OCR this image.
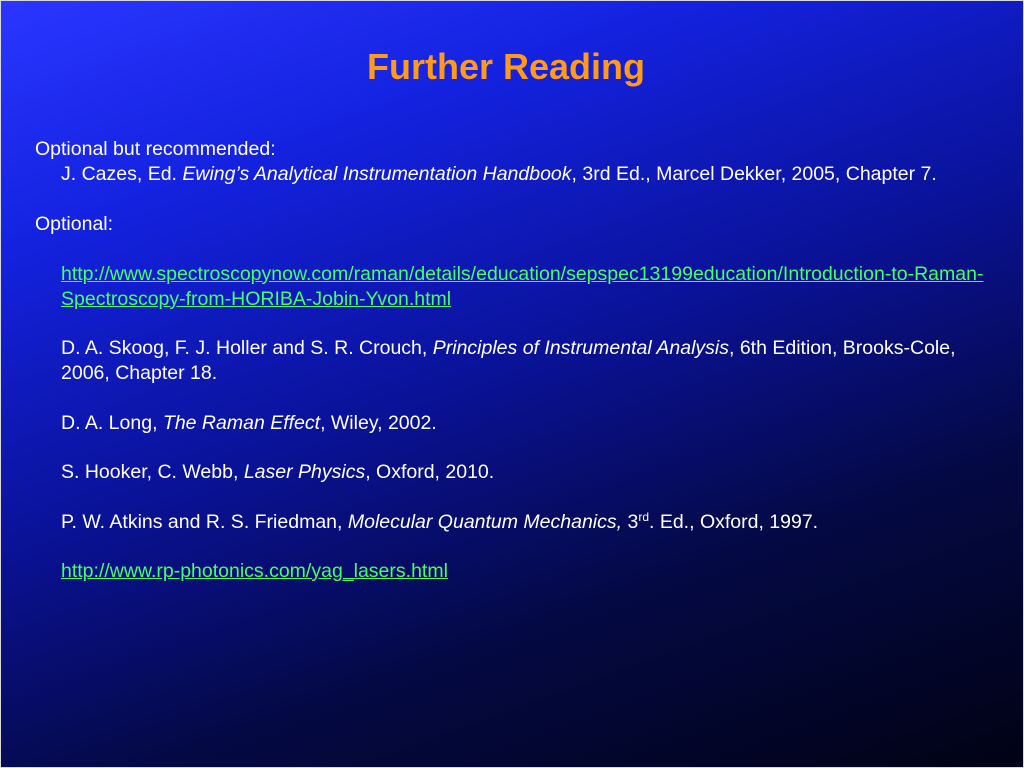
Further Reading

Optional but recommended:

J. Cazes, Ed. Ewing’s Analytical Instrumentation Handbook, 3rd Ed., Marcel Dekker, 2005, Chapter 7.

Optional:

http://www.spectroscopynow.com/raman/details/education/sepspec13199education/Introduction-to-Raman-Spectroscopy-from-HORIBA-Jobin-Yvon.html

D. A. Skoog, F. J. Holler and S. R. Crouch, Principles of Instrumental Analysis, 6th Edition, Brooks-Cole, 2006, Chapter 18.

D. A. Long, The Raman Effect, Wiley, 2002.

S. Hooker, C. Webb, Laser Physics, Oxford, 2010.

P. W. Atkins and R. S. Friedman, Molecular Quantum Mechanics, 3rd. Ed., Oxford, 1997.

http://www.rp-photonics.com/yag_lasers.html
